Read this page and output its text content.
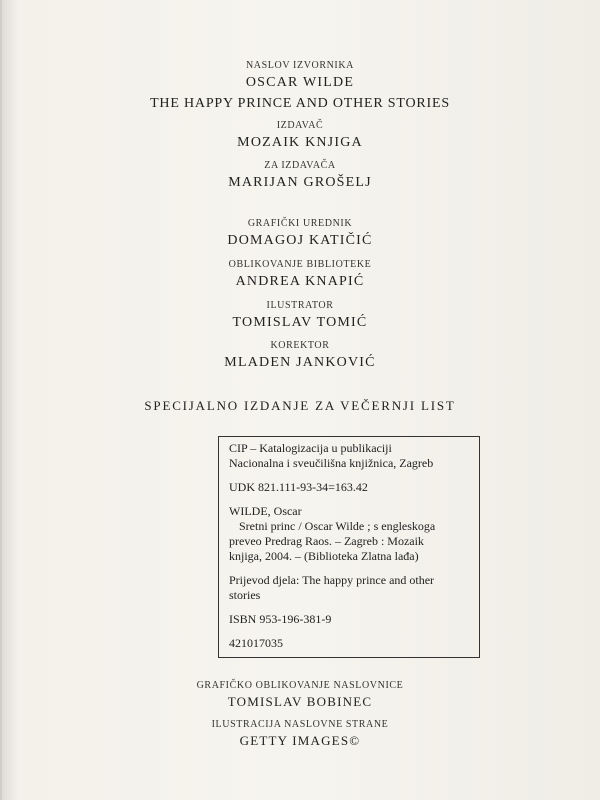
NASLOV IZVORNIKA
OSCAR WILDE
THE HAPPY PRINCE AND OTHER STORIES
IZDAVAČ
MOZAIK KNJIGA
ZA IZDAVAČA
MARIJAN GROŠELJ
GRAFIČKI UREDNIK
DOMAGOJ KATIČIĆ
OBLIKOVANJE BIBLIOTEKE
ANDREA KNAPIĆ
ILUSTRATOR
TOMISLAV TOMIĆ
KOREKTOR
MLADEN JANKOVIĆ
SPECIJALNO IZDANJE ZA VEČERNJI LIST

CIP – Katalogizacija u publikaciji

Nacionalna i sveučilišna knjižnica, Zagreb

UDK 821.111-93-34=163.42

WILDE, Oscar

Sretni princ / Oscar Wilde ; s engleskoga

preveo Predrag Raos. – Zagreb : Mozaik

knjiga, 2004. – (Biblioteka Zlatna lađa)

Prijevod djela: The happy prince and other

stories

ISBN 953-196-381-9

421017035

GRAFIČKO OBLIKOVANJE NASLOVNICE
TOMISLAV BOBINEC
ILUSTRACIJA NASLOVNE STRANE
GETTY IMAGES©
